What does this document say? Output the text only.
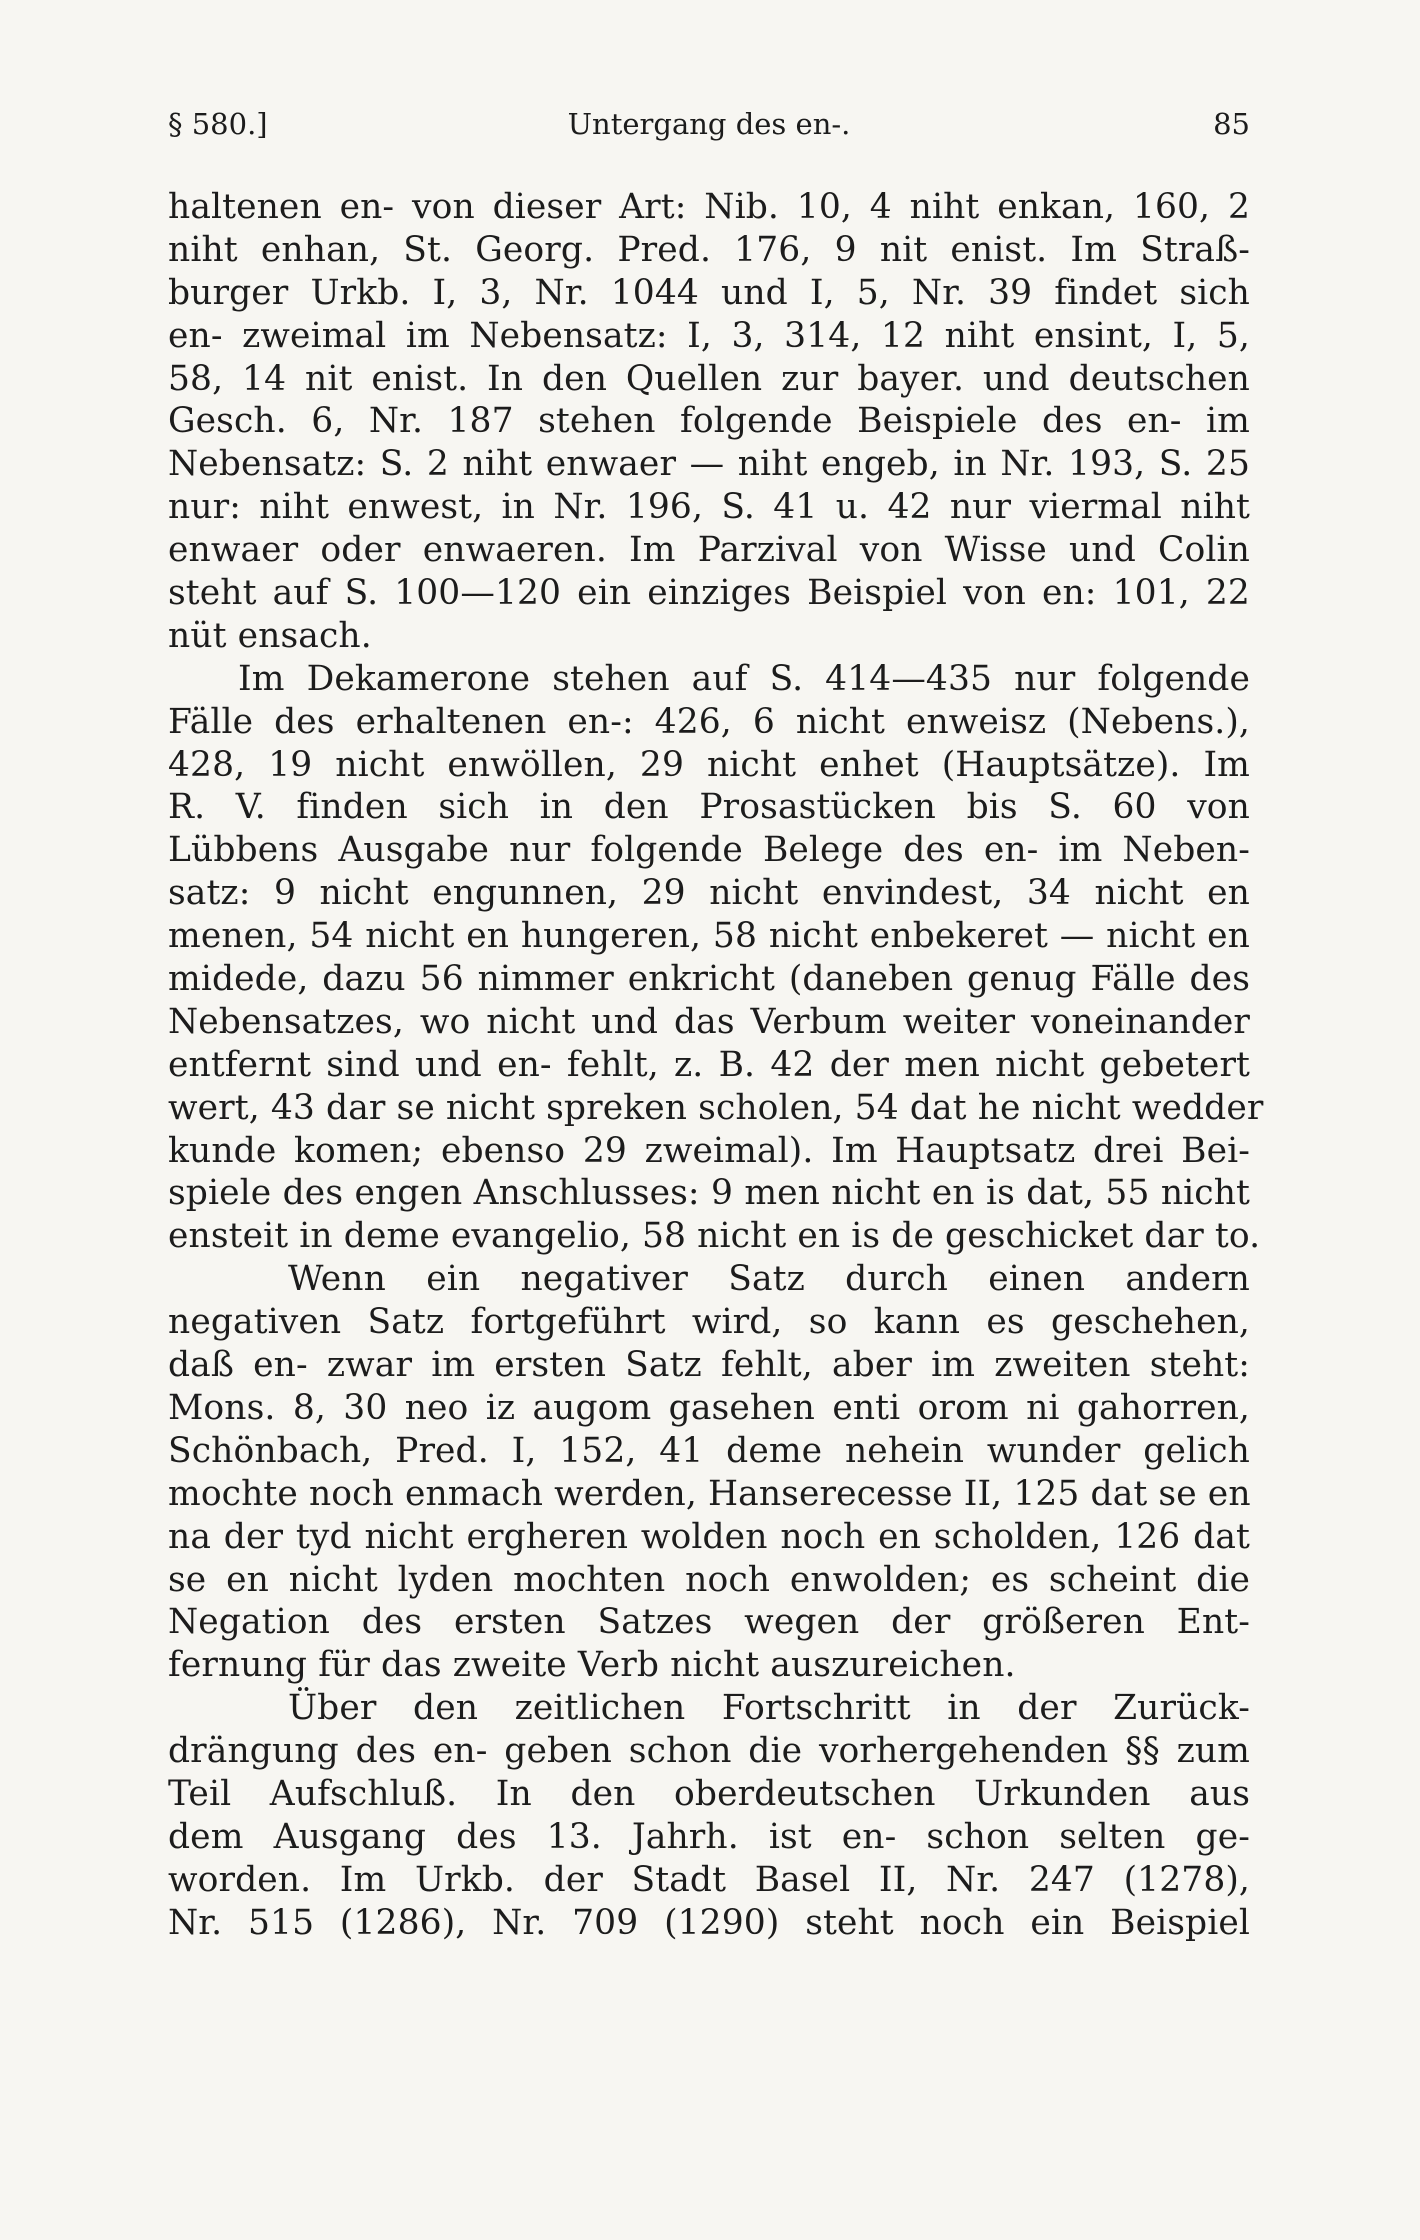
§ 580.]	Untergang des en-.	85
haltenen en- von dieser Art: Nib. 10, 4 niht enkan, 160, 2
niht enhan, St. Georg. Pred. 176, 9 nit enist. Im Straß-
burger Urkb. I, 3, Nr. 1044 und I, 5, Nr. 39 findet sich
en- zweimal im Nebensatz: I, 3, 314, 12 niht ensint, I, 5,
58, 14 nit enist. In den Quellen zur bayer. und deutschen
Gesch. 6, Nr. 187 stehen folgende Beispiele des en- im
Nebensatz: S. 2 niht enwaer — niht engeb, in Nr. 193, S. 25
nur: niht enwest, in Nr. 196, S. 41 u. 42 nur viermal niht
enwaer oder enwaeren. Im Parzival von Wisse und Colin
steht auf S. 100—120 ein einziges Beispiel von en: 101, 22
nüt ensach.
Im Dekamerone stehen auf S. 414—435 nur folgende
Fälle des erhaltenen en-: 426, 6 nicht enweisz (Nebens.),
428, 19 nicht enwöllen, 29 nicht enhet (Hauptsätze). Im
R. V. finden sich in den Prosastücken bis S. 60 von
Lübbens Ausgabe nur folgende Belege des en- im Neben-
satz: 9 nicht engunnen, 29 nicht envindest, 34 nicht en
menen, 54 nicht en hungeren, 58 nicht enbekeret — nicht en
midede, dazu 56 nimmer enkricht (daneben genug Fälle des
Nebensatzes, wo nicht und das Verbum weiter voneinander
entfernt sind und en- fehlt, z. B. 42 der men nicht gebetert
wert, 43 dar se nicht spreken scholen, 54 dat he nicht wedder
kunde komen; ebenso 29 zweimal). Im Hauptsatz drei Bei-
spiele des engen Anschlusses: 9 men nicht en is dat, 55 nicht
ensteit in deme evangelio, 58 nicht en is de geschicket dar to.
Wenn ein negativer Satz durch einen andern
negativen Satz fortgeführt wird, so kann es geschehen,
daß en- zwar im ersten Satz fehlt, aber im zweiten steht:
Mons. 8, 30 neo iz augom gasehen enti orom ni gahorren,
Schönbach, Pred. I, 152, 41 deme nehein wunder gelich
mochte noch enmach werden, Hanserecesse II, 125 dat se en
na der tyd nicht ergheren wolden noch en scholden, 126 dat
se en nicht lyden mochten noch enwolden; es scheint die
Negation des ersten Satzes wegen der größeren Ent-
fernung für das zweite Verb nicht auszureichen.
Über den zeitlichen Fortschritt in der Zurück-
drängung des en- geben schon die vorhergehenden §§ zum
Teil Aufschluß. In den oberdeutschen Urkunden aus
dem Ausgang des 13. Jahrh. ist en- schon selten ge-
worden. Im Urkb. der Stadt Basel II, Nr. 247 (1278),
Nr. 515 (1286), Nr. 709 (1290) steht noch ein Beispiel
